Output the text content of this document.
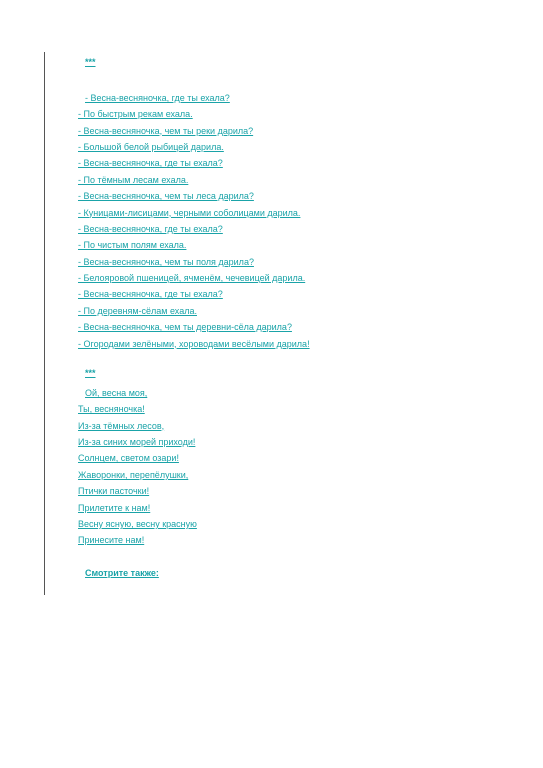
***
- Весна-весняночка, где ты ехала?
- По быстрым рекам ехала.
- Весна-весняночка, чем ты реки дарила?
- Большой белой рыбицей дарила.
- Весна-весняночка, где ты ехала?
- По тёмным лесам ехала.
- Весна-весняночка, чем ты леса дарила?
- Куницами-лисицами, черными соболицами дарила.
- Весна-весняночка, где ты ехала?
- По чистым полям ехала.
- Весна-весняночка, чем ты поля дарила?
- Белояровой пшеницей, ячменём, чечевицей дарила.
- Весна-весняночка, где ты ехала?
- По деревням-сёлам ехала.
- Весна-весняночка, чем ты деревни-сёла дарила?
- Огородами зелёными, хороводами весёлыми дарила!
***
Ой, весна моя,
Ты, весняночка!
Из-за тёмных лесов,
Из-за синих морей приходи!
Солнцем, светом озари!
Жаворонки, перепёлушки,
Птички пасточки!
Прилетите к нам!
Весну ясную, весну красную
Принесите нам!
Смотрите также:
